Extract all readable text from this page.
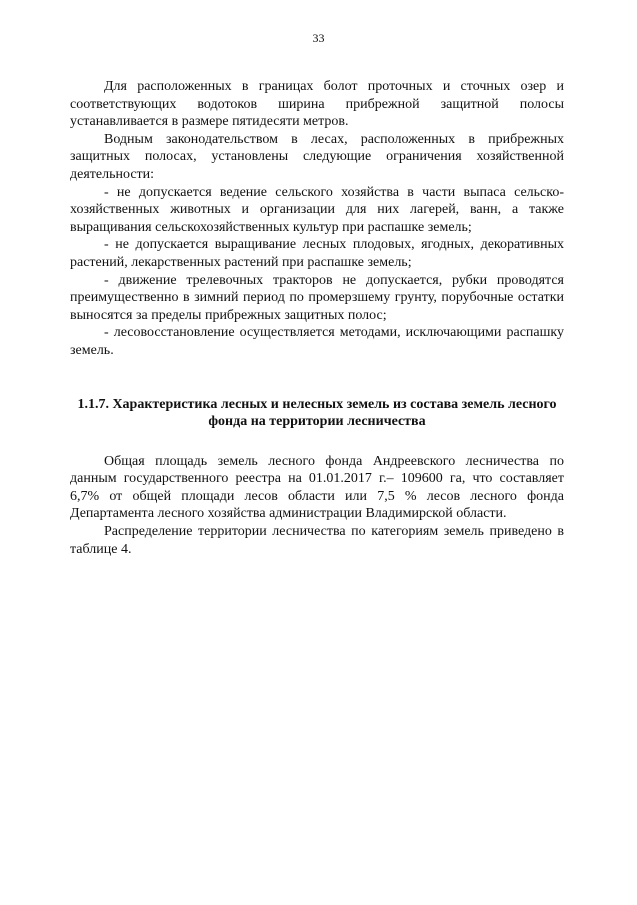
33

Для расположенных в границах болот проточных и сточных озер и соответствующих водотоков ширина прибрежной защитной полосы устанавливается в размере пятидесяти метров.

Водным законодательством в лесах, расположенных в прибрежных защитных полосах, установлены следующие ограничения хозяйственной деятельности:

- не допускается ведение сельского хозяйства в части выпаса сельско-хозяйственных животных и организации для них лагерей, ванн, а также выращивания сельскохозяйственных культур при распашке земель;

- не допускается выращивание лесных плодовых, ягодных, декоративных растений, лекарственных растений при распашке земель;

- движение трелевочных тракторов не допускается, рубки проводятся преимущественно в зимний период по промерзшему грунту, порубочные остатки выносятся за пределы прибрежных защитных полос;

- лесовосстановление осуществляется методами, исключающими распашку земель.

1.1.7. Характеристика лесных и нелесных земель из состава земель лесного фонда на территории лесничества

Общая площадь земель лесного фонда Андреевского лесничества по данным государственного реестра на 01.01.2017 г.– 109600 га, что составляет 6,7% от общей площади лесов области или 7,5 % лесов лесного фонда Департамента лесного хозяйства администрации Владимирской области.

Распределение территории лесничества по категориям земель приведено в таблице 4.
